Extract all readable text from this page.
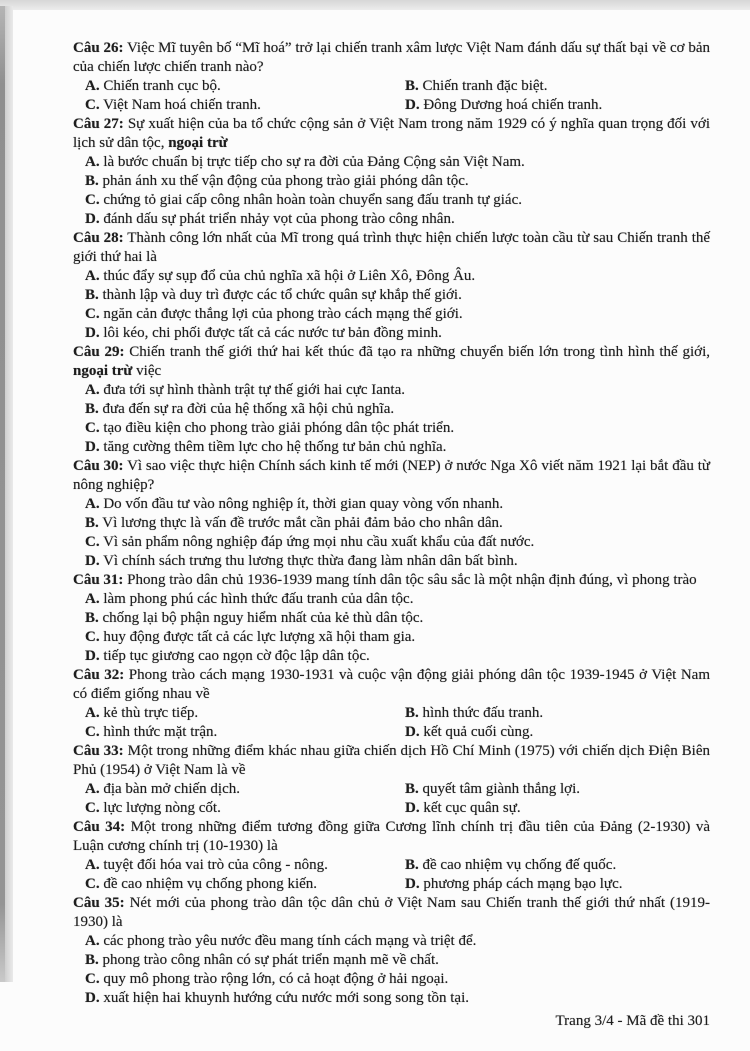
Câu 26: Việc Mĩ tuyên bố “Mĩ hoá” trở lại chiến tranh xâm lược Việt Nam đánh dấu sự thất bại về cơ bản của chiến lược chiến tranh nào?

A. Chiến tranh cục bộ.	B. Chiến tranh đặc biệt.

C. Việt Nam hoá chiến tranh.	D. Đông Dương hoá chiến tranh.

Câu 27: Sự xuất hiện của ba tổ chức cộng sản ở Việt Nam trong năm 1929 có ý nghĩa quan trọng đối với lịch sử dân tộc, ngoại trừ

A. là bước chuẩn bị trực tiếp cho sự ra đời của Đảng Cộng sản Việt Nam.

B. phản ánh xu thế vận động của phong trào giải phóng dân tộc.

C. chứng tỏ giai cấp công nhân hoàn toàn chuyển sang đấu tranh tự giác.

D. đánh dấu sự phát triển nhảy vọt của phong trào công nhân.

Câu 28: Thành công lớn nhất của Mĩ trong quá trình thực hiện chiến lược toàn cầu từ sau Chiến tranh thế giới thứ hai là

A. thúc đẩy sự sụp đổ của chủ nghĩa xã hội ở Liên Xô, Đông Âu.

B. thành lập và duy trì được các tổ chức quân sự khắp thế giới.

C. ngăn cản được thắng lợi của phong trào cách mạng thế giới.

D. lôi kéo, chi phối được tất cả các nước tư bản đồng minh.

Câu 29: Chiến tranh thế giới thứ hai kết thúc đã tạo ra những chuyển biến lớn trong tình hình thế giới, ngoại trừ việc

A. đưa tới sự hình thành trật tự thế giới hai cực Ianta.

B. đưa đến sự ra đời của hệ thống xã hội chủ nghĩa.

C. tạo điều kiện cho phong trào giải phóng dân tộc phát triển.

D. tăng cường thêm tiềm lực cho hệ thống tư bản chủ nghĩa.

Câu 30: Vì sao việc thực hiện Chính sách kinh tế mới (NEP) ở nước Nga Xô viết năm 1921 lại bắt đầu từ nông nghiệp?

A. Do vốn đầu tư vào nông nghiệp ít, thời gian quay vòng vốn nhanh.

B. Vì lương thực là vấn đề trước mắt cần phải đảm bảo cho nhân dân.

C. Vì sản phẩm nông nghiệp đáp ứng mọi nhu cầu xuất khẩu của đất nước.

D. Vì chính sách trưng thu lương thực thừa đang làm nhân dân bất bình.

Câu 31: Phong trào dân chủ 1936-1939 mang tính dân tộc sâu sắc là một nhận định đúng, vì phong trào

A. làm phong phú các hình thức đấu tranh của dân tộc.

B. chống lại bộ phận nguy hiểm nhất của kẻ thù dân tộc.

C. huy động được tất cả các lực lượng xã hội tham gia.

D. tiếp tục giương cao ngọn cờ độc lập dân tộc.

Câu 32: Phong trào cách mạng 1930-1931 và cuộc vận động giải phóng dân tộc 1939-1945 ở Việt Nam có điểm giống nhau về

A. kẻ thù trực tiếp.	B. hình thức đấu tranh.

C. hình thức mặt trận.	D. kết quả cuối cùng.

Câu 33: Một trong những điểm khác nhau giữa chiến dịch Hồ Chí Minh (1975) với chiến dịch Điện Biên Phủ (1954) ở Việt Nam là về

A. địa bàn mở chiến dịch.	B. quyết tâm giành thắng lợi.

C. lực lượng nòng cốt.	D. kết cục quân sự.

Câu 34: Một trong những điểm tương đồng giữa Cương lĩnh chính trị đầu tiên của Đảng (2-1930) và Luận cương chính trị (10-1930) là

A. tuyệt đối hóa vai trò của công - nông.	B. đề cao nhiệm vụ chống đế quốc.

C. đề cao nhiệm vụ chống phong kiến.	D. phương pháp cách mạng bạo lực.

Câu 35: Nét mới của phong trào dân tộc dân chủ ở Việt Nam sau Chiến tranh thế giới thứ nhất (1919-1930) là

A. các phong trào yêu nước đều mang tính cách mạng và triệt để.

B. phong trào công nhân có sự phát triển mạnh mẽ về chất.

C. quy mô phong trào rộng lớn, có cả hoạt động ở hải ngoại.

D. xuất hiện hai khuynh hướng cứu nước mới song song tồn tại.

Trang 3/4 - Mã đề thi 301
